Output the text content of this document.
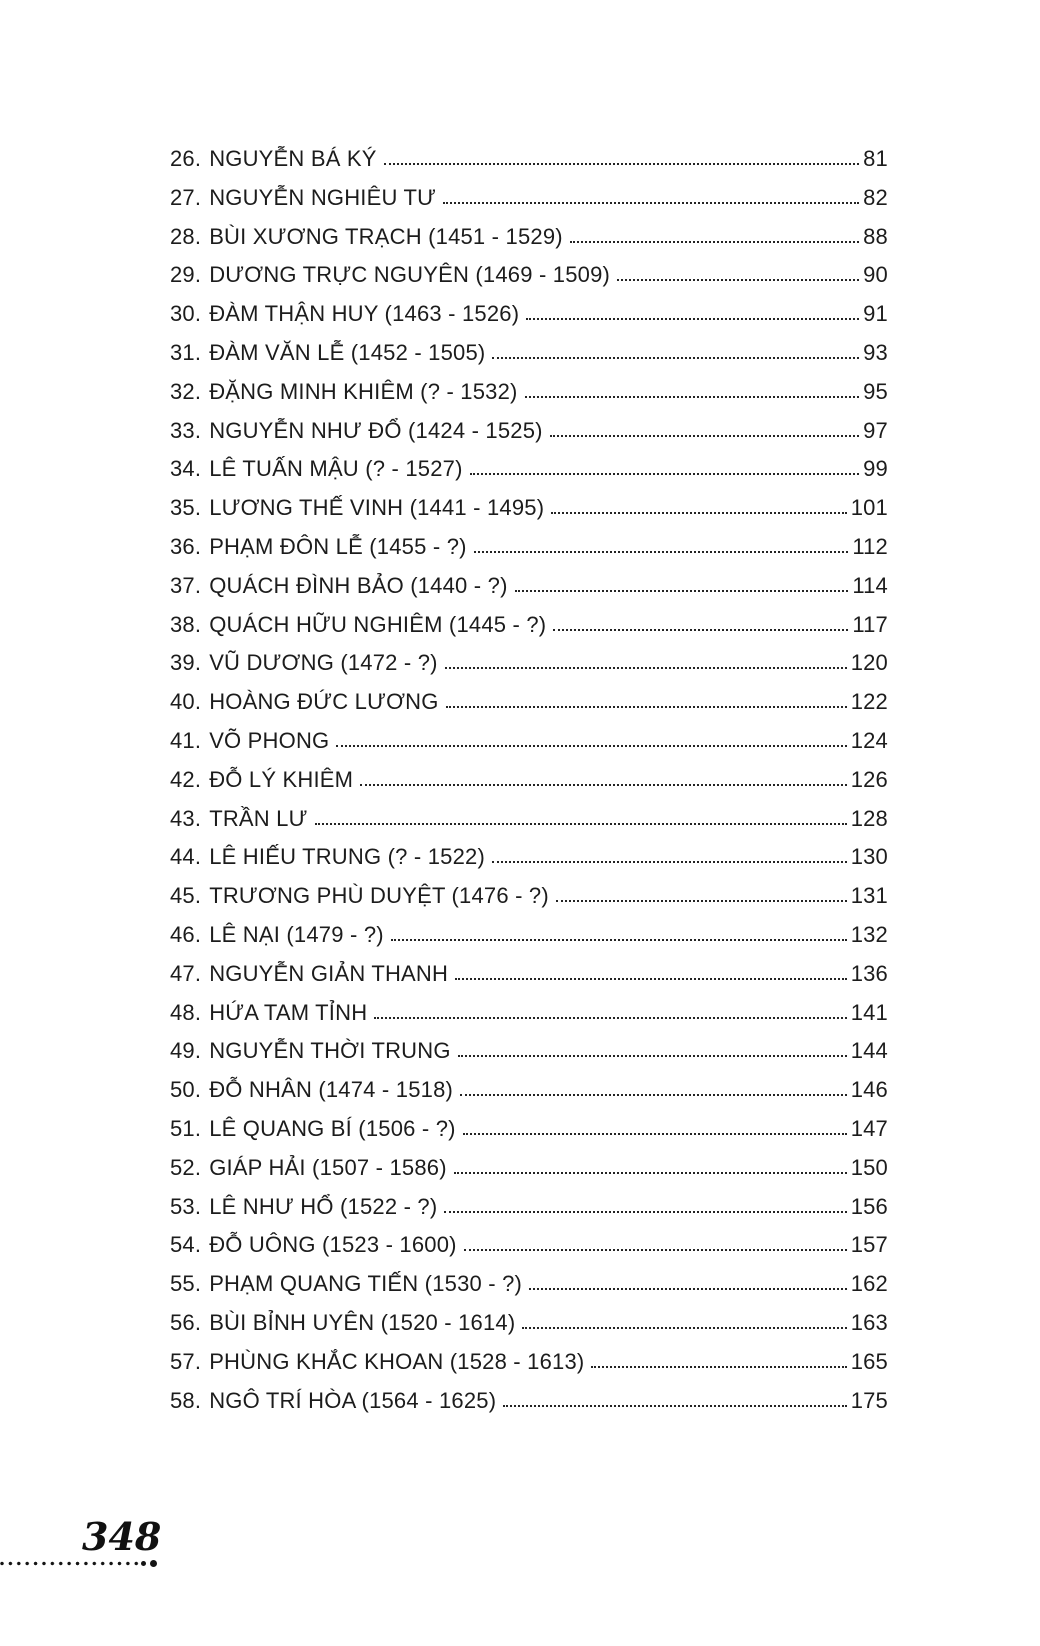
26. NGUYỄN BÁ KÝ	81
27. NGUYỄN NGHIÊU TƯ	82
28. BÙI XƯƠNG TRẠCH (1451 - 1529)	88
29. DƯƠNG TRỰC NGUYÊN (1469 - 1509)	90
30. ĐÀM THẬN HUY (1463 - 1526)	91
31. ĐÀM VĂN LỄ (1452 - 1505)	93
32. ĐẶNG MINH KHIÊM (? - 1532)	95
33. NGUYỄN NHƯ ĐỔ (1424 - 1525)	97
34. LÊ TUẤN MẬU (? - 1527)	99
35. LƯƠNG THẾ VINH (1441 - 1495)	101
36. PHẠM ĐÔN LỄ (1455 - ?)	112
37. QUÁCH ĐÌNH BẢO (1440 - ?)	114
38. QUÁCH HỮU NGHIÊM (1445 - ?)	117
39. VŨ DƯƠNG (1472 - ?)	120
40. HOÀNG ĐỨC LƯƠNG	122
41. VÕ PHONG	124
42. ĐỖ LÝ KHIÊM	126
43. TRẦN LƯ	128
44. LÊ HIẾU TRUNG (? - 1522)	130
45. TRƯƠNG PHÙ DUYỆT (1476 - ?)	131
46. LÊ NẠI (1479 - ?)	132
47. NGUYỄN GIẢN THANH	136
48. HỨA TAM TỈNH	141
49. NGUYỄN THỜI TRUNG	144
50. ĐỖ NHÂN (1474 - 1518)	146
51. LÊ QUANG BÍ (1506 - ?)	147
52. GIÁP HẢI (1507 - 1586)	150
53. LÊ NHƯ HỔ (1522 - ?)	156
54. ĐỖ UÔNG (1523 - 1600)	157
55. PHẠM QUANG TIẾN (1530 - ?)	162
56. BÙI BỈNH UYÊN (1520 - 1614)	163
57. PHÙNG KHẮC KHOAN (1528 - 1613)	165
58. NGÔ TRÍ HÒA (1564 - 1625)	175
348
